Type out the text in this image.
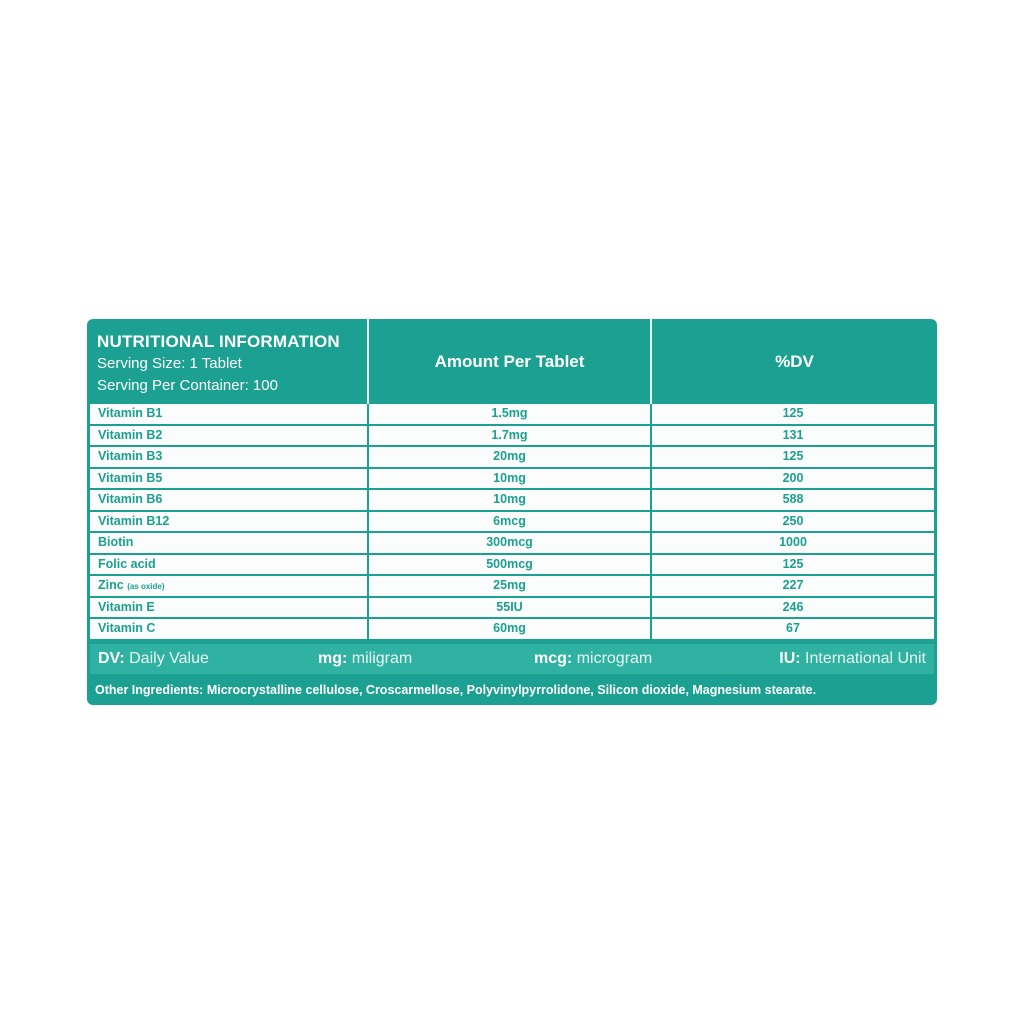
NUTRITIONAL INFORMATION
Serving Size: 1 Tablet
Serving Per Container: 100
Amount Per Tablet	%DV
Vitamin B1	1.5mg	125
Vitamin B2	1.7mg	131
Vitamin B3	20mg	125
Vitamin B5	10mg	200
Vitamin B6	10mg	588
Vitamin B12	6mcg	250
Biotin	300mcg	1000
Folic acid	500mcg	125
Zinc (as oxide)	25mg	227
Vitamin E	55IU	246
Vitamin C	60mg	67
DV: Daily Value	mg: miligram	mcg: microgram	IU: International Unit
Other Ingredients: Microcrystalline cellulose, Croscarmellose, Polyvinylpyrrolidone, Silicon dioxide, Magnesium stearate.
